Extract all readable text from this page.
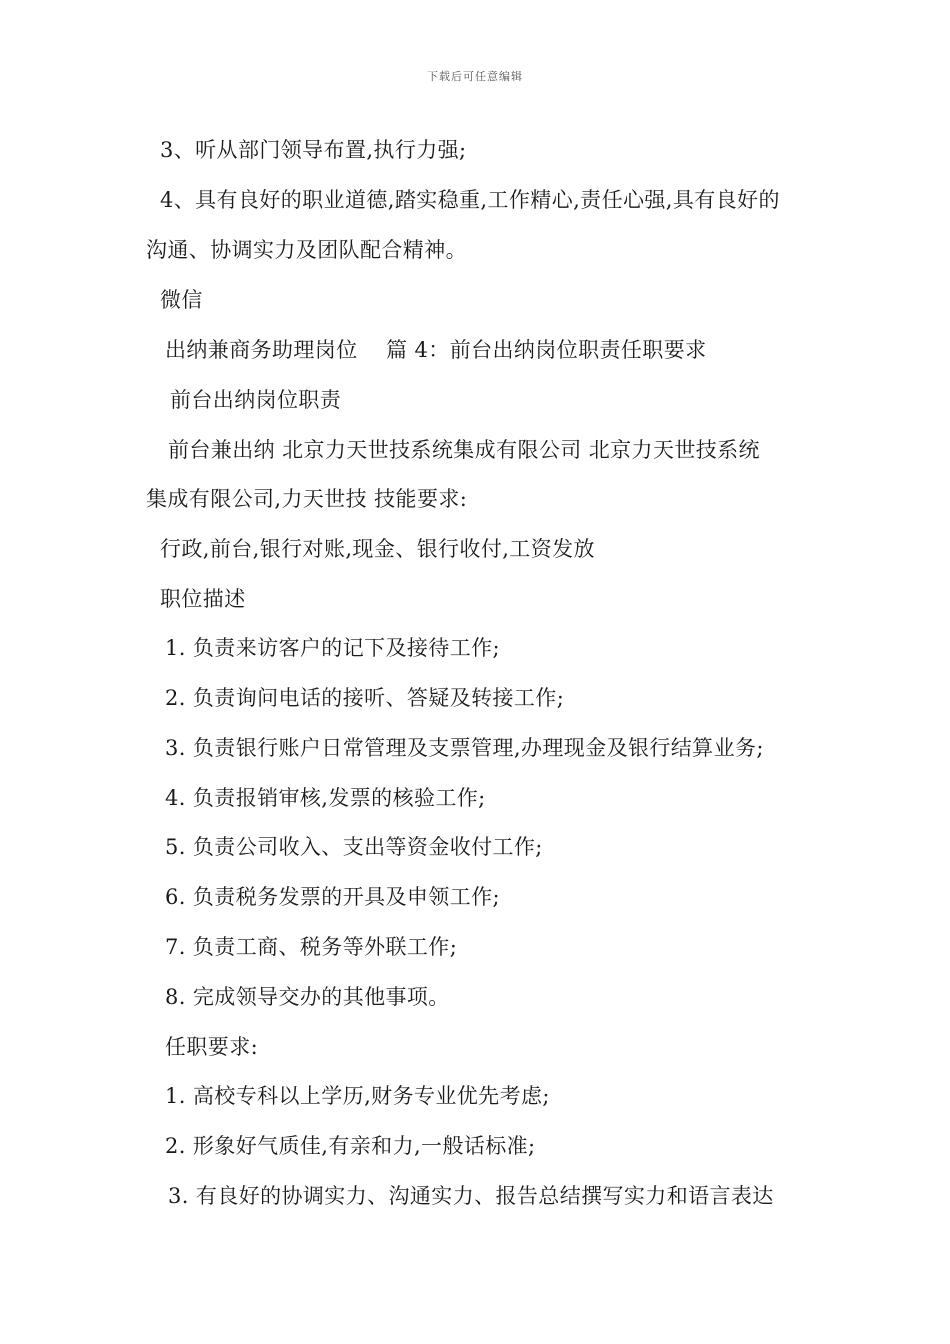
下载后可任意编辑
3、听从部门领导布置,执行力强;
4、具有良好的职业道德,踏实稳重,工作精心,责任心强,具有良好的
沟通、协调实力及团队配合精神。
微信
出纳兼商务助理岗位　 篇 4：前台出纳岗位职责任职要求
前台出纳岗位职责
前台兼出纳 北京力天世技系统集成有限公司 北京力天世技系统
集成有限公司,力天世技 技能要求:
行政,前台,银行对账,现金、银行收付,工资发放
职位描述
1. 负责来访客户的记下及接待工作;
2. 负责询问电话的接听、答疑及转接工作;
3. 负责银行账户日常管理及支票管理,办理现金及银行结算业务;
4. 负责报销审核,发票的核验工作;
5. 负责公司收入、支出等资金收付工作;
6. 负责税务发票的开具及申领工作;
7. 负责工商、税务等外联工作;
8. 完成领导交办的其他事项。
任职要求:
1. 高校专科以上学历,财务专业优先考虑;
2. 形象好气质佳,有亲和力,一般话标准;
3. 有良好的协调实力、沟通实力、报告总结撰写实力和语言表达
